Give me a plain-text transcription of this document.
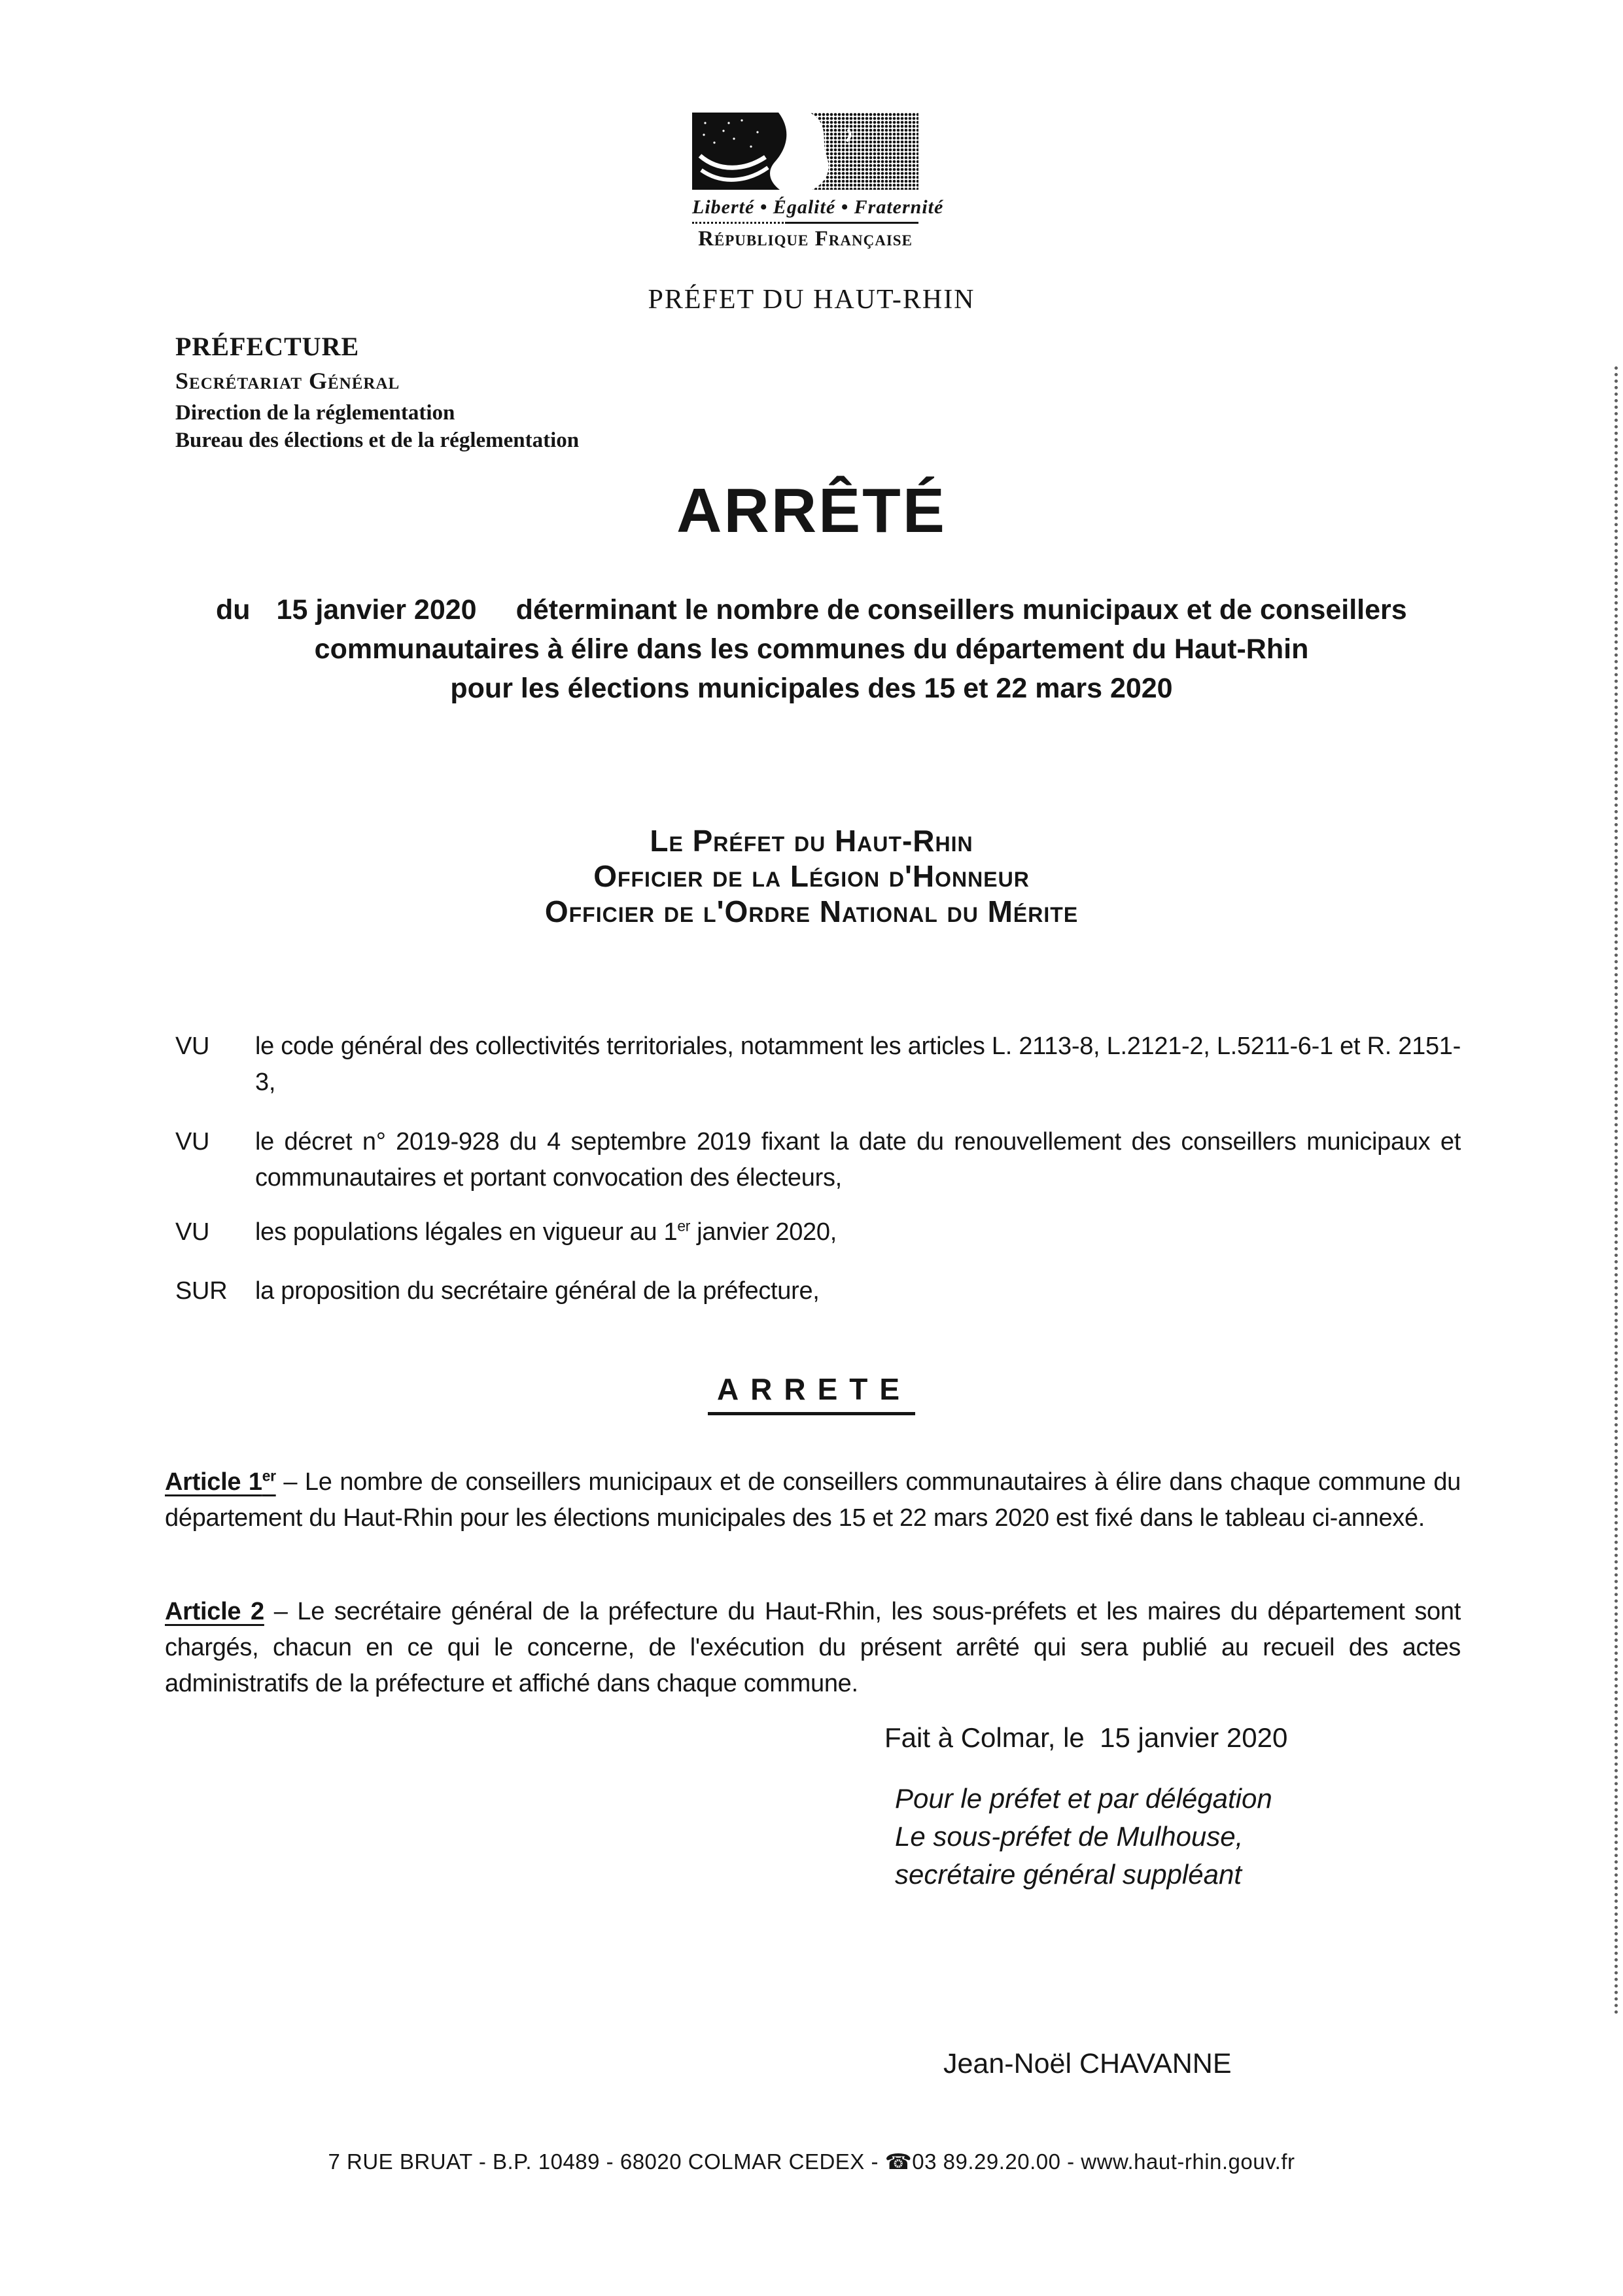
Liberté • Égalité • Fraternité
République Française
PRÉFET DU HAUT-RHIN
PRÉFECTURE
Secrétariat Général
Direction de la réglementation
Bureau des élections et de la réglementation
ARRÊTÉ
du 15 janvier 2020 déterminant le nombre de conseillers municipaux et de conseillers
communautaires à élire dans les communes du département du Haut-Rhin
pour les élections municipales des 15 et 22 mars 2020
Le Préfet du Haut-Rhin
Officier de la Légion d'Honneur
Officier de l'Ordre National du Mérite
VU	le code général des collectivités territoriales, notamment les articles L. 2113-8, L.2121-2, L.5211-6-1 et R. 2151-3,
VU	le décret n° 2019-928 du 4 septembre 2019 fixant la date du renouvellement des conseillers municipaux et communautaires et portant convocation des électeurs,
VU	les populations légales en vigueur au 1er janvier 2020,
SUR	la proposition du secrétaire général de la préfecture,
ARRETE

Article 1er – Le nombre de conseillers municipaux et de conseillers communautaires à élire dans chaque commune du département du Haut-Rhin pour les élections municipales des 15 et 22 mars 2020 est fixé dans le tableau ci-annexé.

Article 2 – Le secrétaire général de la préfecture du Haut-Rhin, les sous-préfets et les maires du département sont chargés, chacun en ce qui le concerne, de l'exécution du présent arrêté qui sera publié au recueil des actes administratifs de la préfecture et affiché dans chaque commune.

Fait à Colmar, le  15 janvier 2020
Pour le préfet et par délégation
Le sous-préfet de Mulhouse,
secrétaire général suppléant
Jean-Noël CHAVANNE
7 RUE BRUAT - B.P. 10489 - 68020 COLMAR CEDEX - ☎03 89.29.20.00 - www.haut-rhin.gouv.fr
